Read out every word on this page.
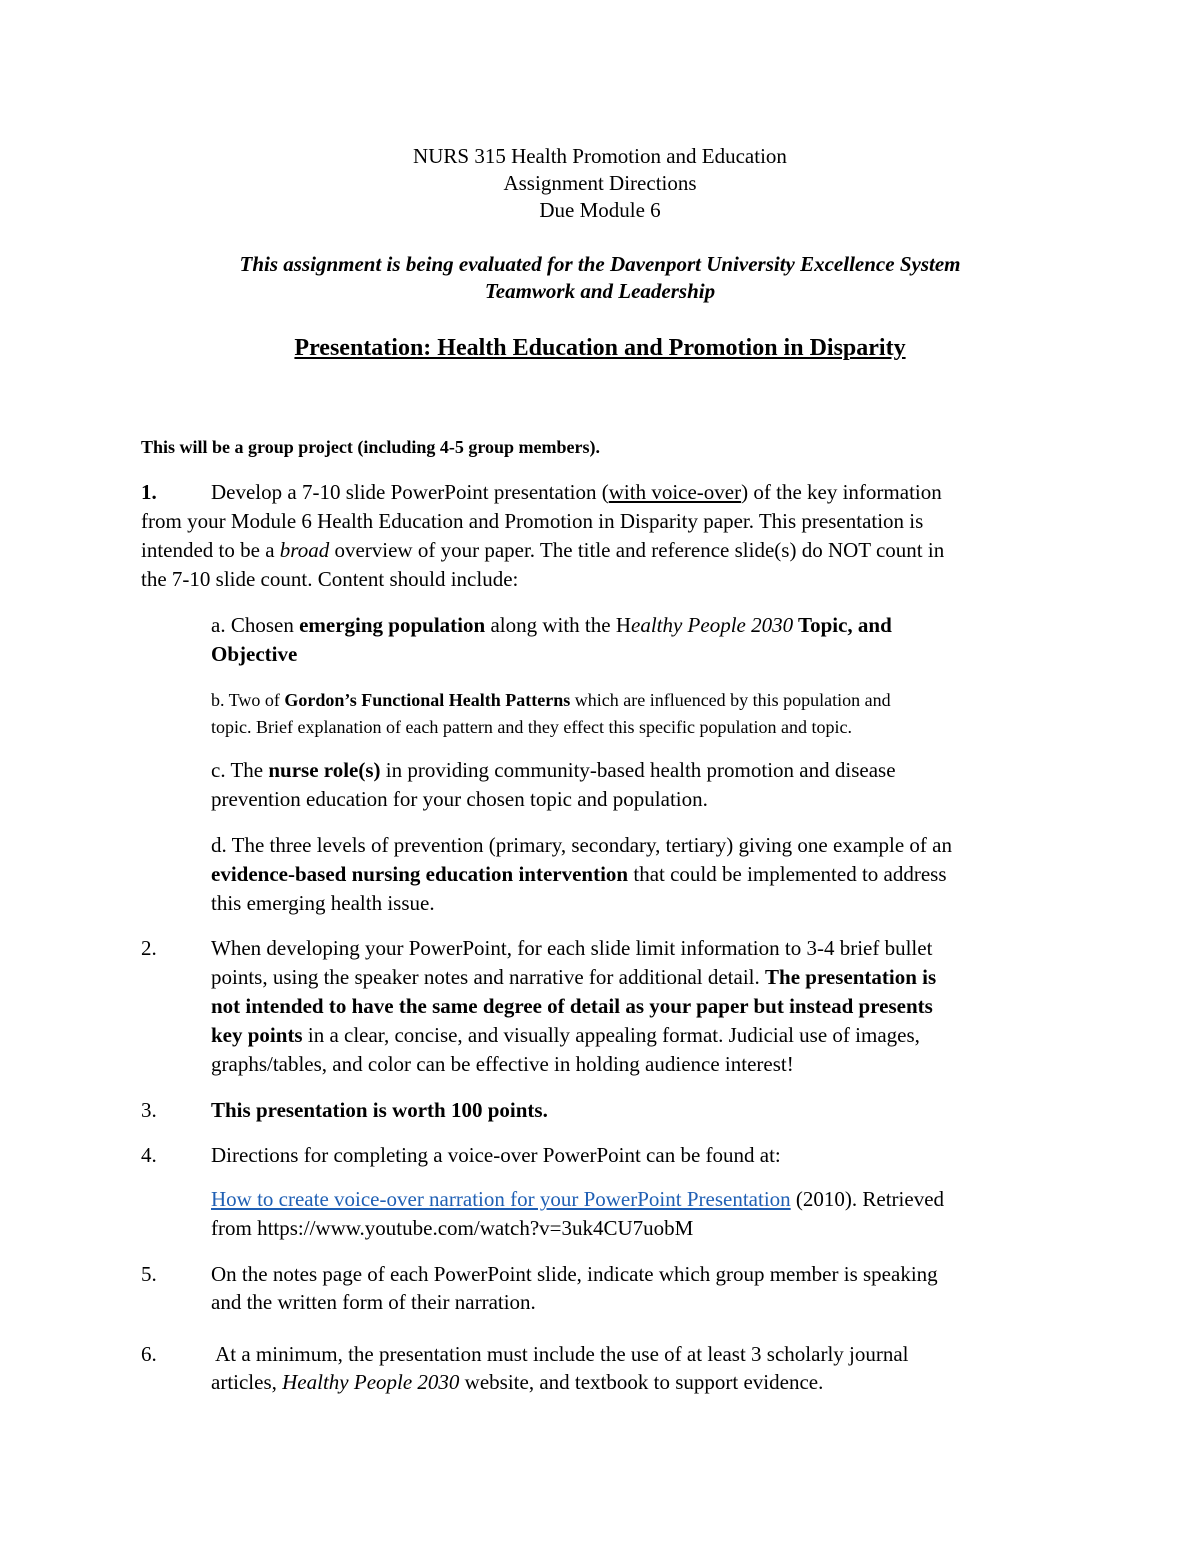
NURS 315 Health Promotion and Education
Assignment Directions
Due Module 6
This assignment is being evaluated for the Davenport University Excellence System
Teamwork and Leadership
Presentation: Health Education and Promotion in Disparity
This will be a group project (including 4-5 group members).
1.	Develop a 7-10 slide PowerPoint presentation (with voice-over) of the key information
from your Module 6 Health Education and Promotion in Disparity paper. This presentation is
intended to be a broad overview of your paper. The title and reference slide(s) do NOT count in
the 7-10 slide count. Content should include:
a. Chosen emerging population along with the Healthy People 2030 Topic, and
Objective
b. Two of Gordon’s Functional Health Patterns which are influenced by this population and
topic. Brief explanation of each pattern and they effect this specific population and topic.
c. The nurse role(s) in providing community-based health promotion and disease
prevention education for your chosen topic and population.
d. The three levels of prevention (primary, secondary, tertiary) giving one example of an
evidence-based nursing education intervention that could be implemented to address
this emerging health issue.
2.	When developing your PowerPoint, for each slide limit information to 3-4 brief bullet
points, using the speaker notes and narrative for additional detail. The presentation is
not intended to have the same degree of detail as your paper but instead presents
key points in a clear, concise, and visually appealing format. Judicial use of images,
graphs/tables, and color can be effective in holding audience interest!
3.	This presentation is worth 100 points.
4.	Directions for completing a voice-over PowerPoint can be found at:
How to create voice-over narration for your PowerPoint Presentation (2010). Retrieved
from https://www.youtube.com/watch?v=3uk4CU7uobM
5.	On the notes page of each PowerPoint slide, indicate which group member is speaking
and the written form of their narration.
6.	At a minimum, the presentation must include the use of at least 3 scholarly journal
articles, Healthy People 2030 website, and textbook to support evidence.
